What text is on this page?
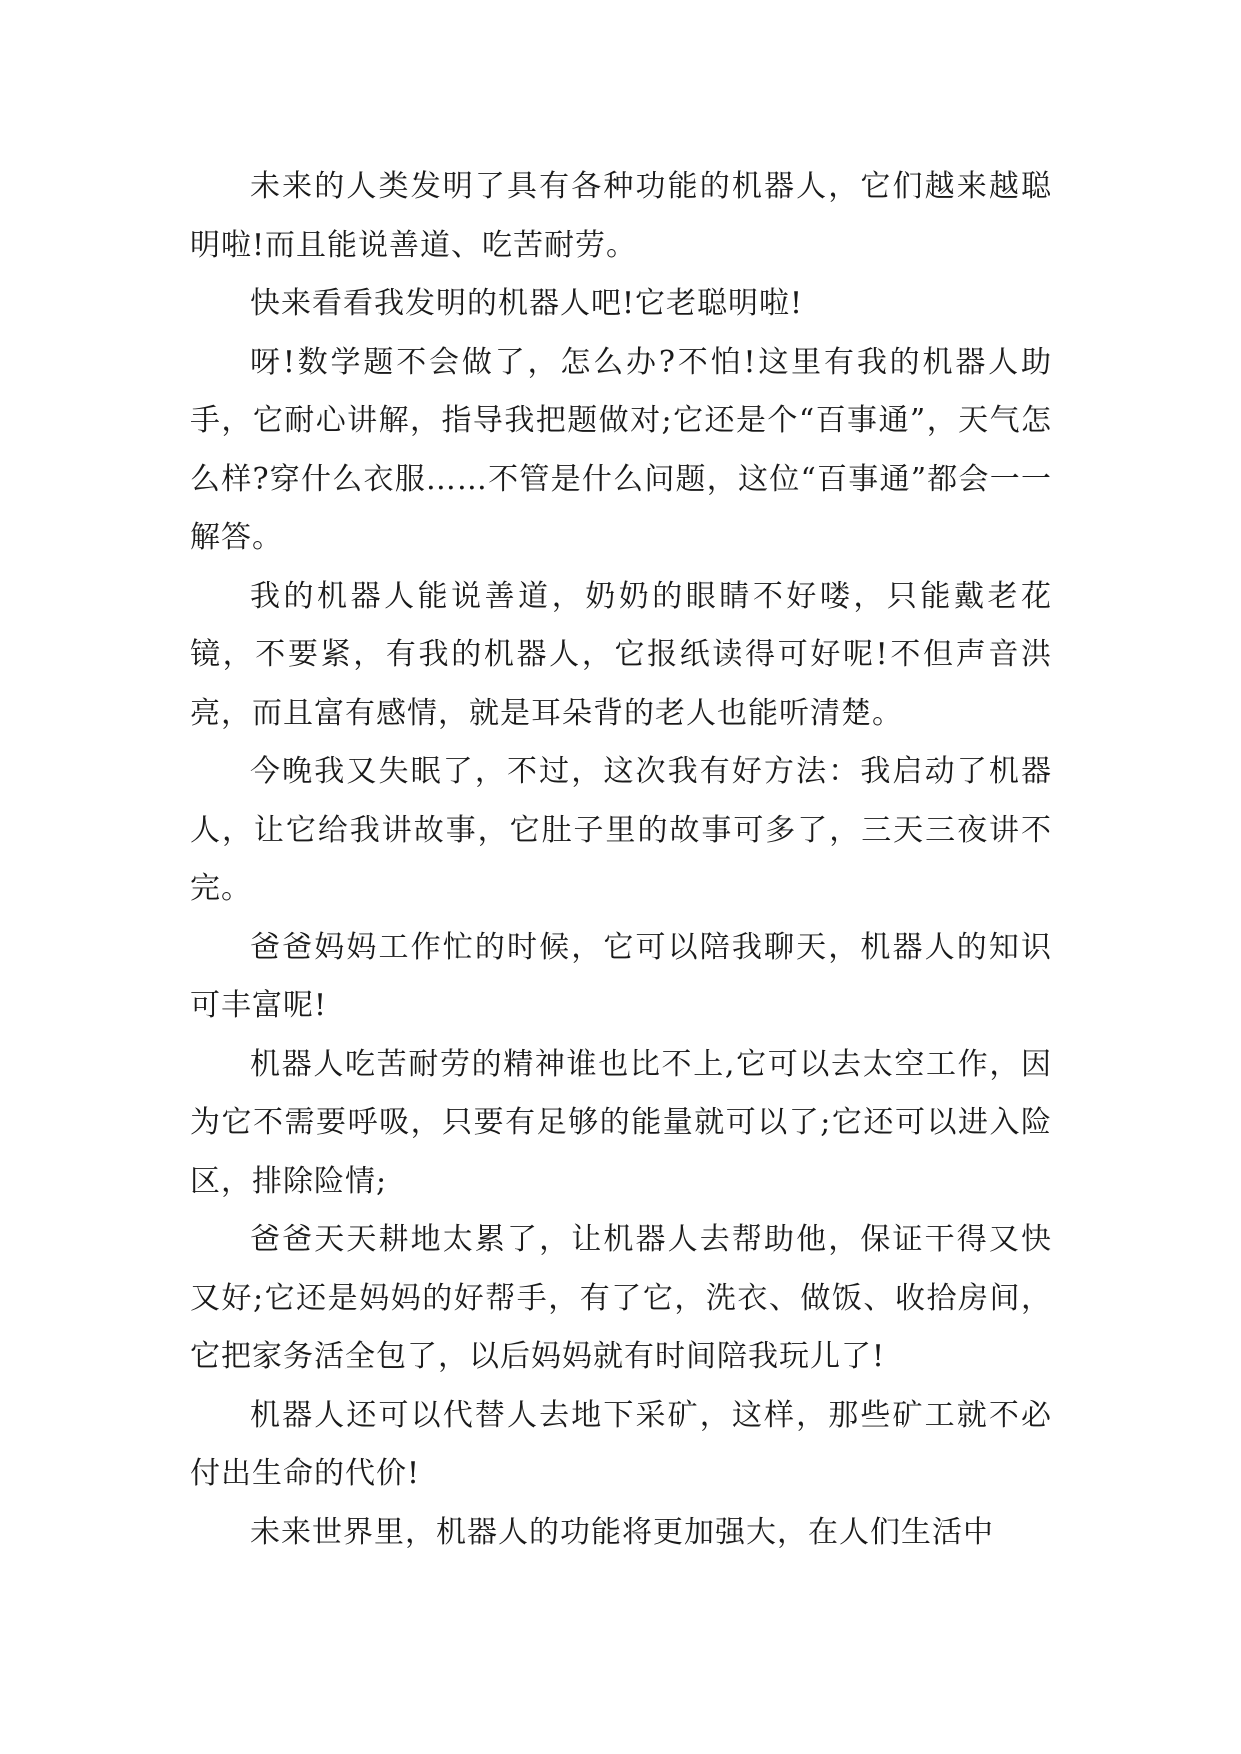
未来的人类发明了具有各种功能的机器人，它们越来越聪明啦!而且能说善道、吃苦耐劳。

快来看看我发明的机器人吧!它老聪明啦!

呀!数学题不会做了，怎么办?不怕!这里有我的机器人助手，它耐心讲解，指导我把题做对;它还是个“百事通”，天气怎么样?穿什么衣服……不管是什么问题，这位“百事通”都会一一解答。

我的机器人能说善道，奶奶的眼睛不好喽，只能戴老花镜，不要紧，有我的机器人，它报纸读得可好呢!不但声音洪亮，而且富有感情，就是耳朵背的老人也能听清楚。

今晚我又失眠了，不过，这次我有好方法：我启动了机器人，让它给我讲故事，它肚子里的故事可多了，三天三夜讲不完。

爸爸妈妈工作忙的时候，它可以陪我聊天，机器人的知识可丰富呢!

机器人吃苦耐劳的精神谁也比不上,它可以去太空工作，因为它不需要呼吸，只要有足够的能量就可以了;它还可以进入险区，排除险情;

爸爸天天耕地太累了，让机器人去帮助他，保证干得又快又好;它还是妈妈的好帮手，有了它，洗衣、做饭、收拾房间，它把家务活全包了，以后妈妈就有时间陪我玩儿了!

机器人还可以代替人去地下采矿，这样，那些矿工就不必付出生命的代价!

未来世界里，机器人的功能将更加强大，在人们生活中
